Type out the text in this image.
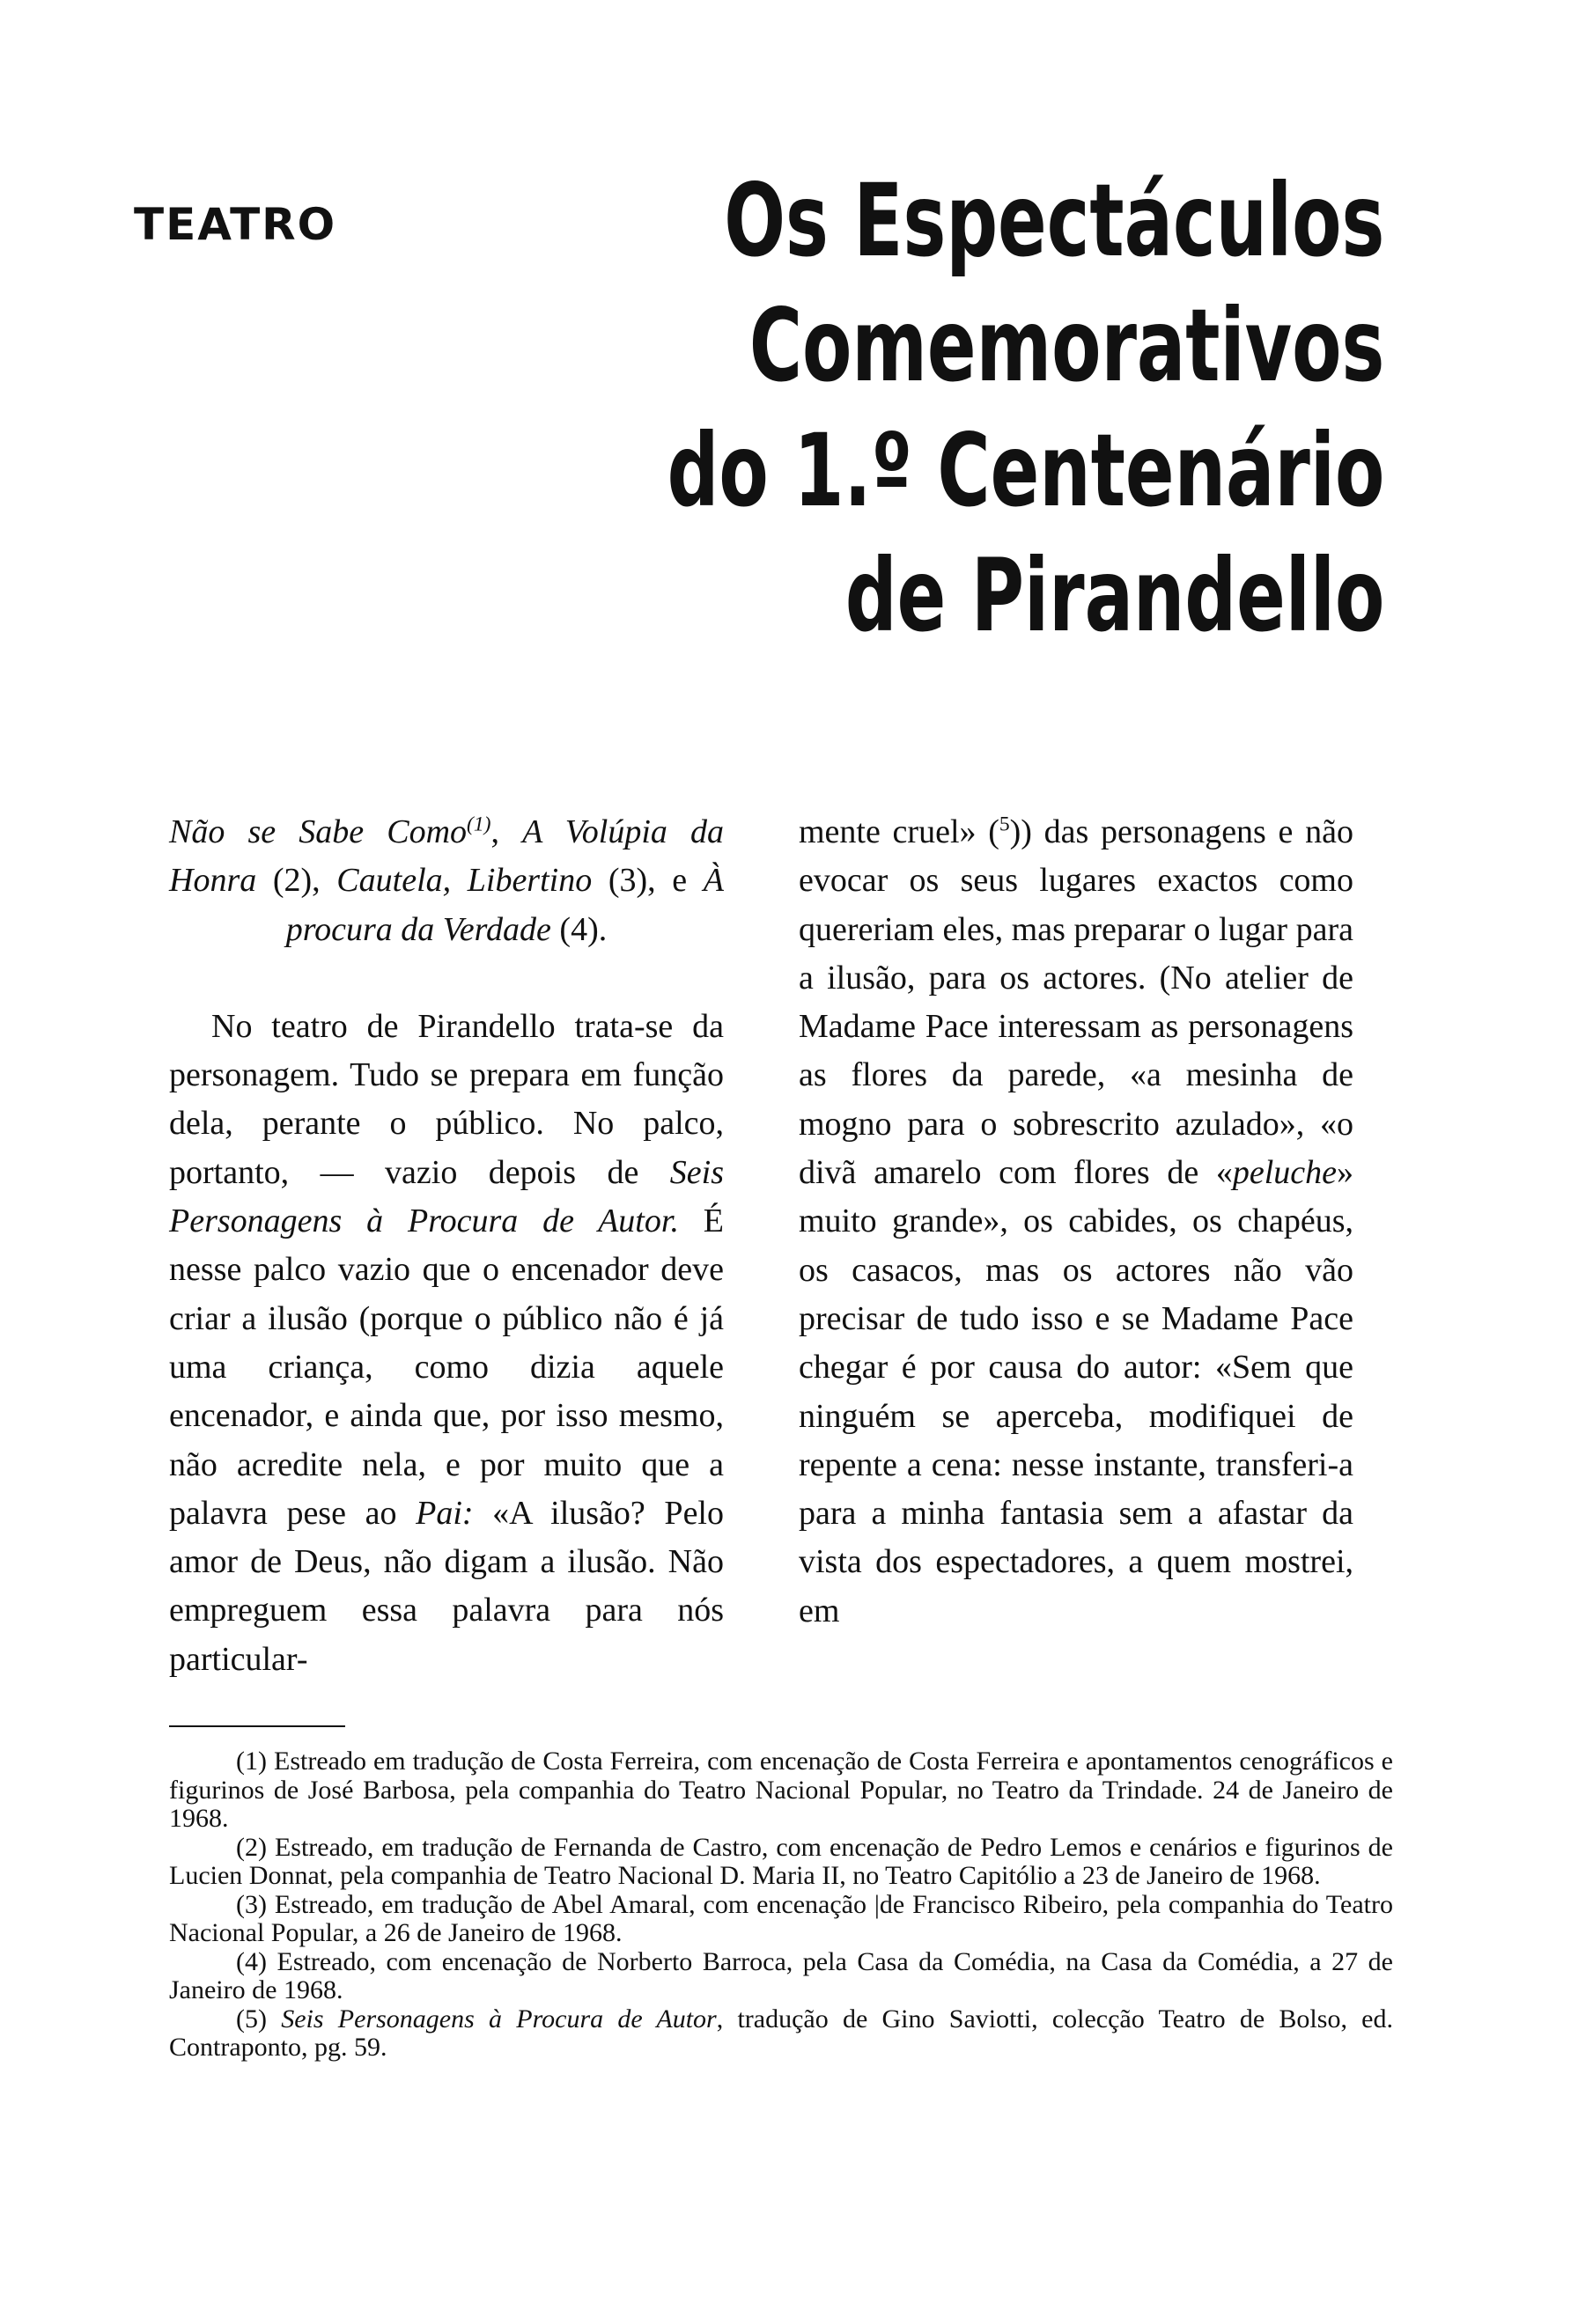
TEATRO	Os Espectáculos
Comemorativos
do 1.º Centenário
de Pirandello

Não se Sabe Como$^{(1)}$, A Volúpia da Honra (2), Cautela, Libertino (3), e À procura da Verdade (4).

No teatro de Pirandello trata-se da personagem. Tudo se prepara em função dela, perante o público. No palco, portanto, — vazio depois de Seis Personagens à Procura de Autor. É nesse palco vazio que o encenador deve criar a ilusão (porque o público não é já uma criança, como dizia aquele encenador, e ainda que, por isso mesmo, não acredite nela, e por muito que a palavra pese ao Pai: «A ilusão? Pelo amor de Deus, não digam a ilusão. Não empreguem essa palavra para nós particular-

mente cruel» ($^5$)) das personagens e não evocar os seus lugares exactos como quereriam eles, mas preparar o lugar para a ilusão, para os actores. (No atelier de Madame Pace interessam as personagens as flores da parede, «a mesinha de mogno para o sobrescrito azulado», «o divã amarelo com flores de «peluche» muito grande», os cabides, os chapéus, os casacos, mas os actores não vão precisar de tudo isso e se Madame Pace chegar é por causa do autor: «Sem que ninguém se aperceba, modifiquei de repente a cena: nesse instante, transferi-a para a minha fantasia sem a afastar da vista dos espectadores, a quem mostrei, em

(1) Estreado em tradução de Costa Ferreira, com encenação de Costa Ferreira e apontamentos cenográficos e figurinos de José Barbosa, pela companhia do Teatro Nacional Popular, no Teatro da Trindade. 24 de Janeiro de 1968.

(2) Estreado, em tradução de Fernanda de Castro, com encenação de Pedro Lemos e cenários e figurinos de Lucien Donnat, pela companhia de Teatro Nacional D. Maria II, no Teatro Capitólio a 23 de Janeiro de 1968.

(3) Estreado, em tradução de Abel Amaral, com encenação |de Francisco Ribeiro, pela companhia do Teatro Nacional Popular, a 26 de Janeiro de 1968.

(4) Estreado, com encenação de Norberto Barroca, pela Casa da Comédia, na Casa da Comédia, a 27 de Janeiro de 1968.

(5) Seis Personagens à Procura de Autor, tradução de Gino Saviotti, colecção Teatro de Bolso, ed. Contraponto, pg. 59.
